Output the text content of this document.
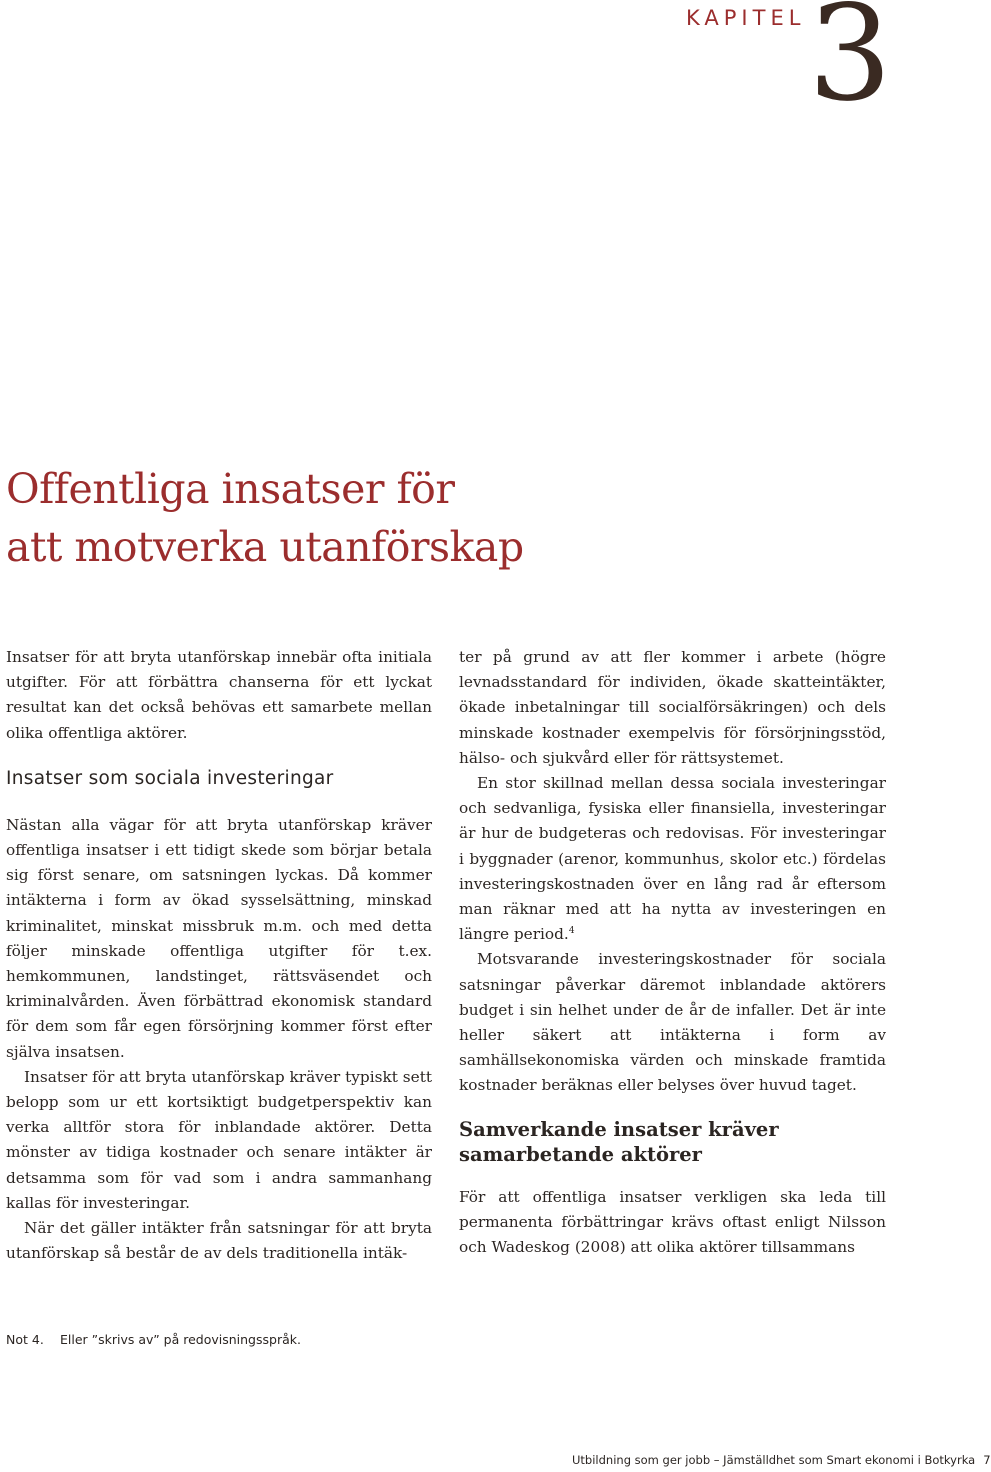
KAPITEL 3
Offentliga insatser för
att motverka utanförskap

Insatser för att bryta utanförskap innebär ofta initiala utgifter. För att förbättra chanserna för ett lyckat resultat kan det också behövas ett samarbete mellan olika offentliga aktörer.

Insatser som sociala investeringar

Nästan alla vägar för att bryta utanförskap kräver offentliga insatser i ett tidigt skede som börjar betala sig först senare, om satsningen lyckas. Då kommer intäkterna i form av ökad sysselsättning, minskad kriminalitet, minskat missbruk m.m. och med detta följer minskade offentliga utgifter för t.ex. hemkommunen, landstinget, rättsväsendet och kriminalvården. Även förbättrad ekonomisk standard för dem som får egen försörjning kommer först efter själva insatsen.

Insatser för att bryta utanförskap kräver typiskt sett belopp som ur ett kortsiktigt budgetperspektiv kan verka alltför stora för inblandade aktörer. Detta mönster av tidiga kostnader och senare intäkter är detsamma som för vad som i andra sammanhang kallas för investeringar.

När det gäller intäkter från satsningar för att bryta utanförskap så består de av dels traditionella intäk-

ter på grund av att fler kommer i arbete (högre levnadsstandard för individen, ökade skatteintäkter, ökade inbetalningar till socialförsäkringen) och dels minskade kostnader exempelvis för försörjningsstöd, hälso- och sjukvård eller för rättsystemet.

En stor skillnad mellan dessa sociala investeringar och sedvanliga, fysiska eller finansiella, investeringar är hur de budgeteras och redovisas. För investeringar i byggnader (arenor, kommunhus, skolor etc.) fördelas investeringskostnaden över en lång rad år eftersom man räknar med att ha nytta av investeringen en längre period.$^4$

Motsvarande investeringskostnader för sociala satsningar påverkar däremot inblandade aktörers budget i sin helhet under de år de infaller. Det är inte heller säkert att intäkterna i form av samhällsekonomiska värden och minskade framtida kostnader beräknas eller belyses över huvud taget.

Samverkande insatser kräver samarbetande aktörer

För att offentliga insatser verkligen ska leda till permanenta förbättringar krävs oftast enligt Nilsson och Wadeskog (2008) att olika aktörer tillsammans

Not 4. Eller ”skrivs av” på redovisningsspråk.
Utbildning som ger jobb – Jämställdhet som Smart ekonomi i Botkyrka 7
